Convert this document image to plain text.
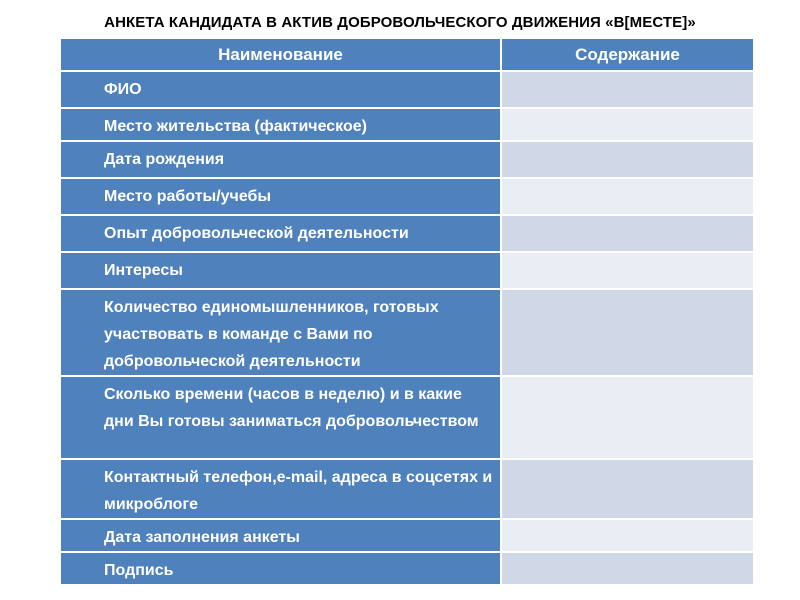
АНКЕТА КАНДИДАТА В АКТИВ ДОБРОВОЛЬЧЕСКОГО ДВИЖЕНИЯ «В[МЕСТЕ]»
Наименование	Содержание
ФИО	
Место жительства (фактическое)	
Дата рождения	
Место работы/учебы	
Опыт добровольческой деятельности	
Интересы	
Количество единомышленников, готовых участвовать в команде с Вами по добровольческой деятельности	
Сколько времени (часов в неделю) и в какие дни Вы готовы заниматься добровольчеством	
Контактный телефон,e-mail, адреса в соцсетях и микроблоге	
Дата заполнения анкеты	
Подпись	
